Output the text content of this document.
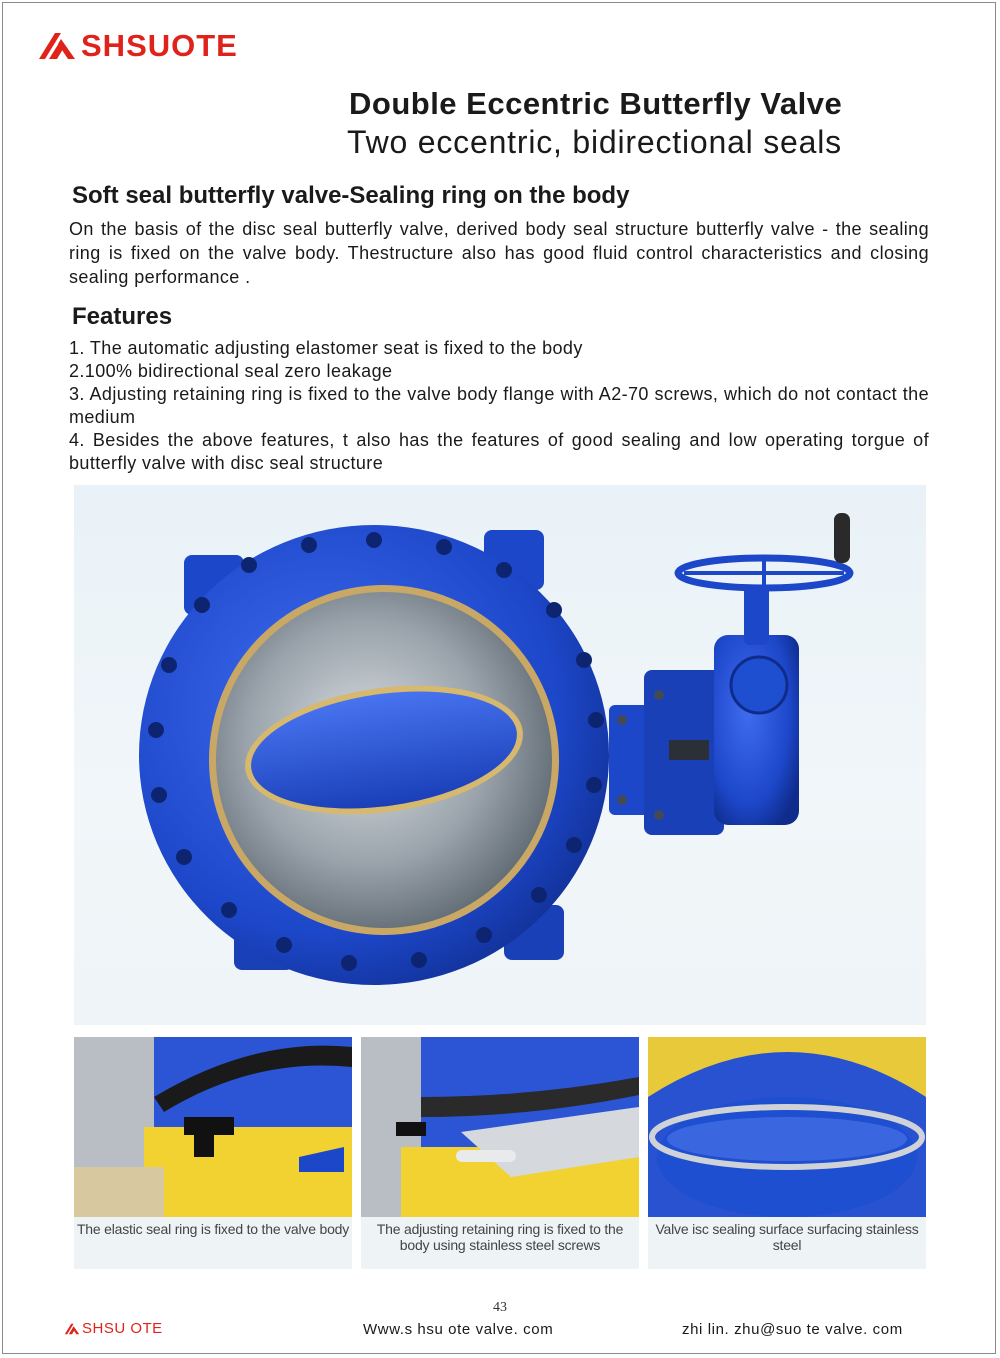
SHSUOTE
Double Eccentric Butterfly Valve
Two eccentric, bidirectional seals
Soft seal butterfly valve-Sealing ring on the body
On the basis of the disc seal butterfly valve, derived body seal structure butterfly valve - the sealing ring is fixed on the valve body. Thestructure also has good fluid control characteristics and closing sealing performance .
Features

1. The automatic adjusting elastomer seat is fixed to the body

2.100% bidirectional seal zero leakage

3. Adjusting retaining ring is fixed to the valve body flange with A2-70 screws, which do not contact the medium

4. Besides the above features, t also has the features of good sealing and low operating torgue of butterfly valve with disc seal structure

The elastic seal ring is fixed to the valve body	The adjusting retaining ring is fixed to the body using stainless steel screws
Valve isc sealing surface surfacing stainless steel
43
SHSU OTE	Www.s hsu ote valve. com	zhi lin. zhu@suo te valve. com
